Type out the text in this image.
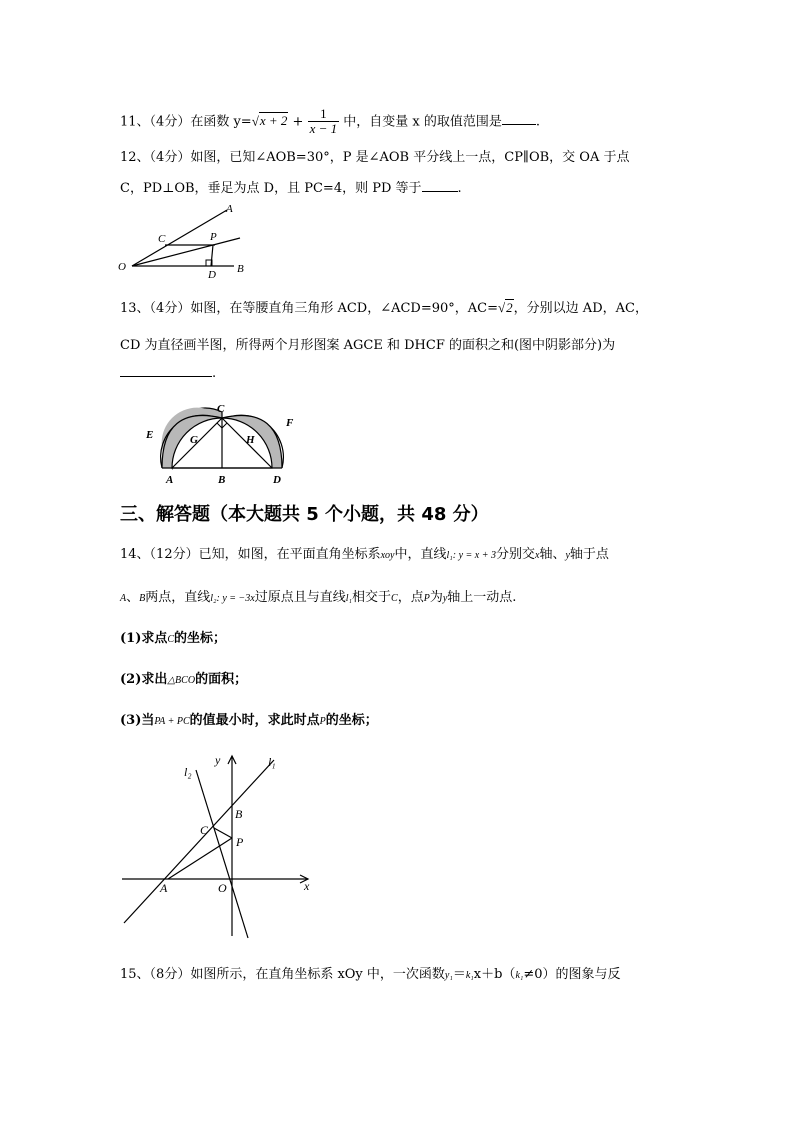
11、（4分）在函数 $y=√x + 2 + \frac{1}{x - 1}$ 中，自变量 x 的取值范围是	.
12、（4分）如图，已知∠AOB=30°，P 是∠AOB 平分线上一点，CP∥OB，交 OA 于点
C，PD⊥OB，垂足为点 D，且 PC=4，则 PD 等于	.
A
B
C
D
O
P
13、（4分）如图，在等腰直角三角形 ACD，∠ACD=90°，AC=√2，分别以边 AD，AC，
CD 为直径画半图，所得两个月形图案 AGCE 和 DHCF 的面积之和(图中阴影部分)为
.
A	B
C
D
E
F
G	H
三、解答题（本大题共 5 个小题，共 48 分）
14、（12分）已知，如图，在平面直角坐标系xoy中，直线l₁: y = x + 3分别交x轴、y轴于点
A、B两点，直线l₂: y = −3x过原点且与直线l₁相交于C，点P为y轴上一动点.
(1)求点C的坐标；
(2)求出△BCO的面积；
(3)当PA + PC的值最小时，求此时点P的坐标；
l₂
y	l₁
B
C
P
A	O	x
15、（8分）如图所示，在直角坐标系 xOy 中，一次函数y₁＝k₁x＋b（k₁≠0）的图象与反
